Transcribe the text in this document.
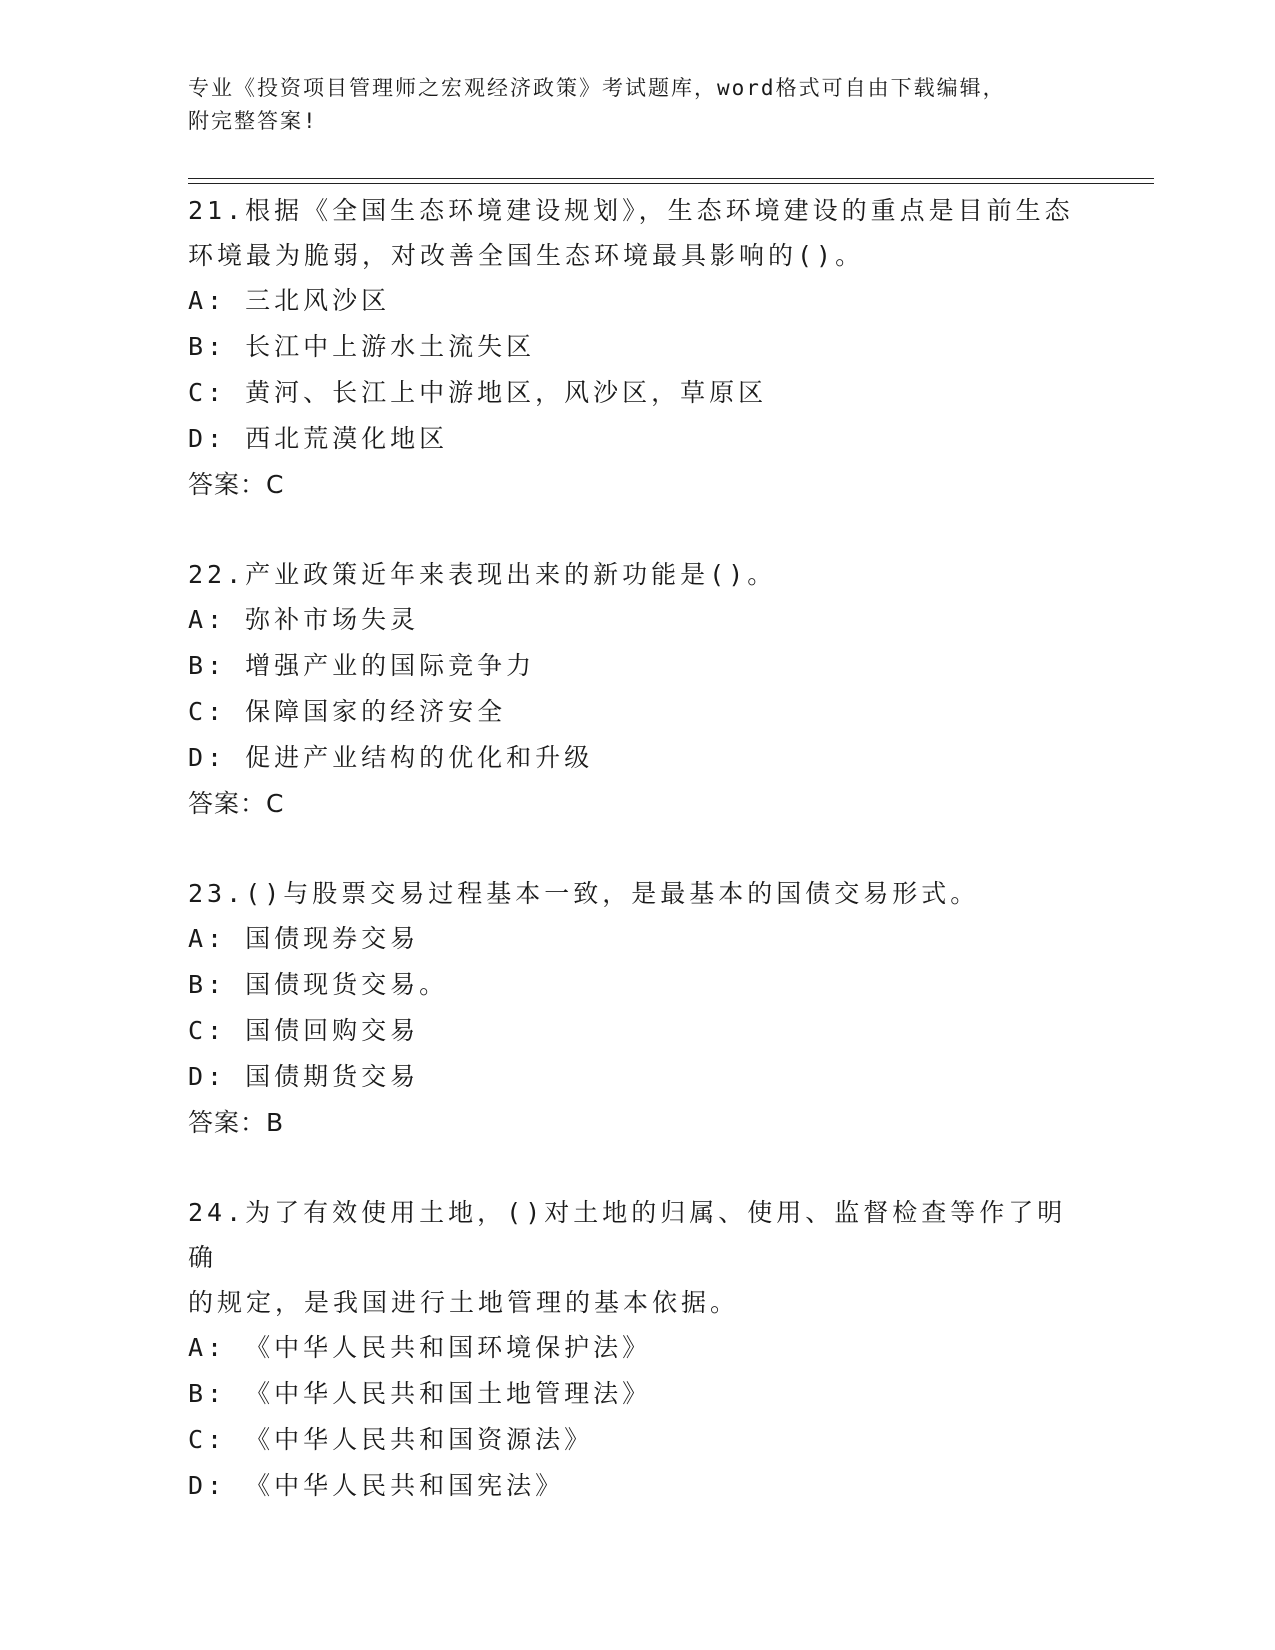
专业《投资项目管理师之宏观经济政策》考试题库，word格式可自由下载编辑，
附完整答案!

21.根据《全国生态环境建设规划》，生态环境建设的重点是目前生态

环境最为脆弱，对改善全国生态环境最具影响的()。

A: 三北风沙区

B: 长江中上游水土流失区

C: 黄河、长江上中游地区，风沙区，草原区

D: 西北荒漠化地区

答案：C

22.产业政策近年来表现出来的新功能是()。

A: 弥补市场失灵

B: 增强产业的国际竞争力

C: 保障国家的经济安全

D: 促进产业结构的优化和升级

答案：C

23.()与股票交易过程基本一致，是最基本的国债交易形式。

A: 国债现券交易

B: 国债现货交易。

C: 国债回购交易

D: 国债期货交易

答案：B

24.为了有效使用土地，()对土地的归属、使用、监督检查等作了明确

的规定，是我国进行土地管理的基本依据。

A: 《中华人民共和国环境保护法》

B: 《中华人民共和国土地管理法》

C: 《中华人民共和国资源法》

D: 《中华人民共和国宪法》
